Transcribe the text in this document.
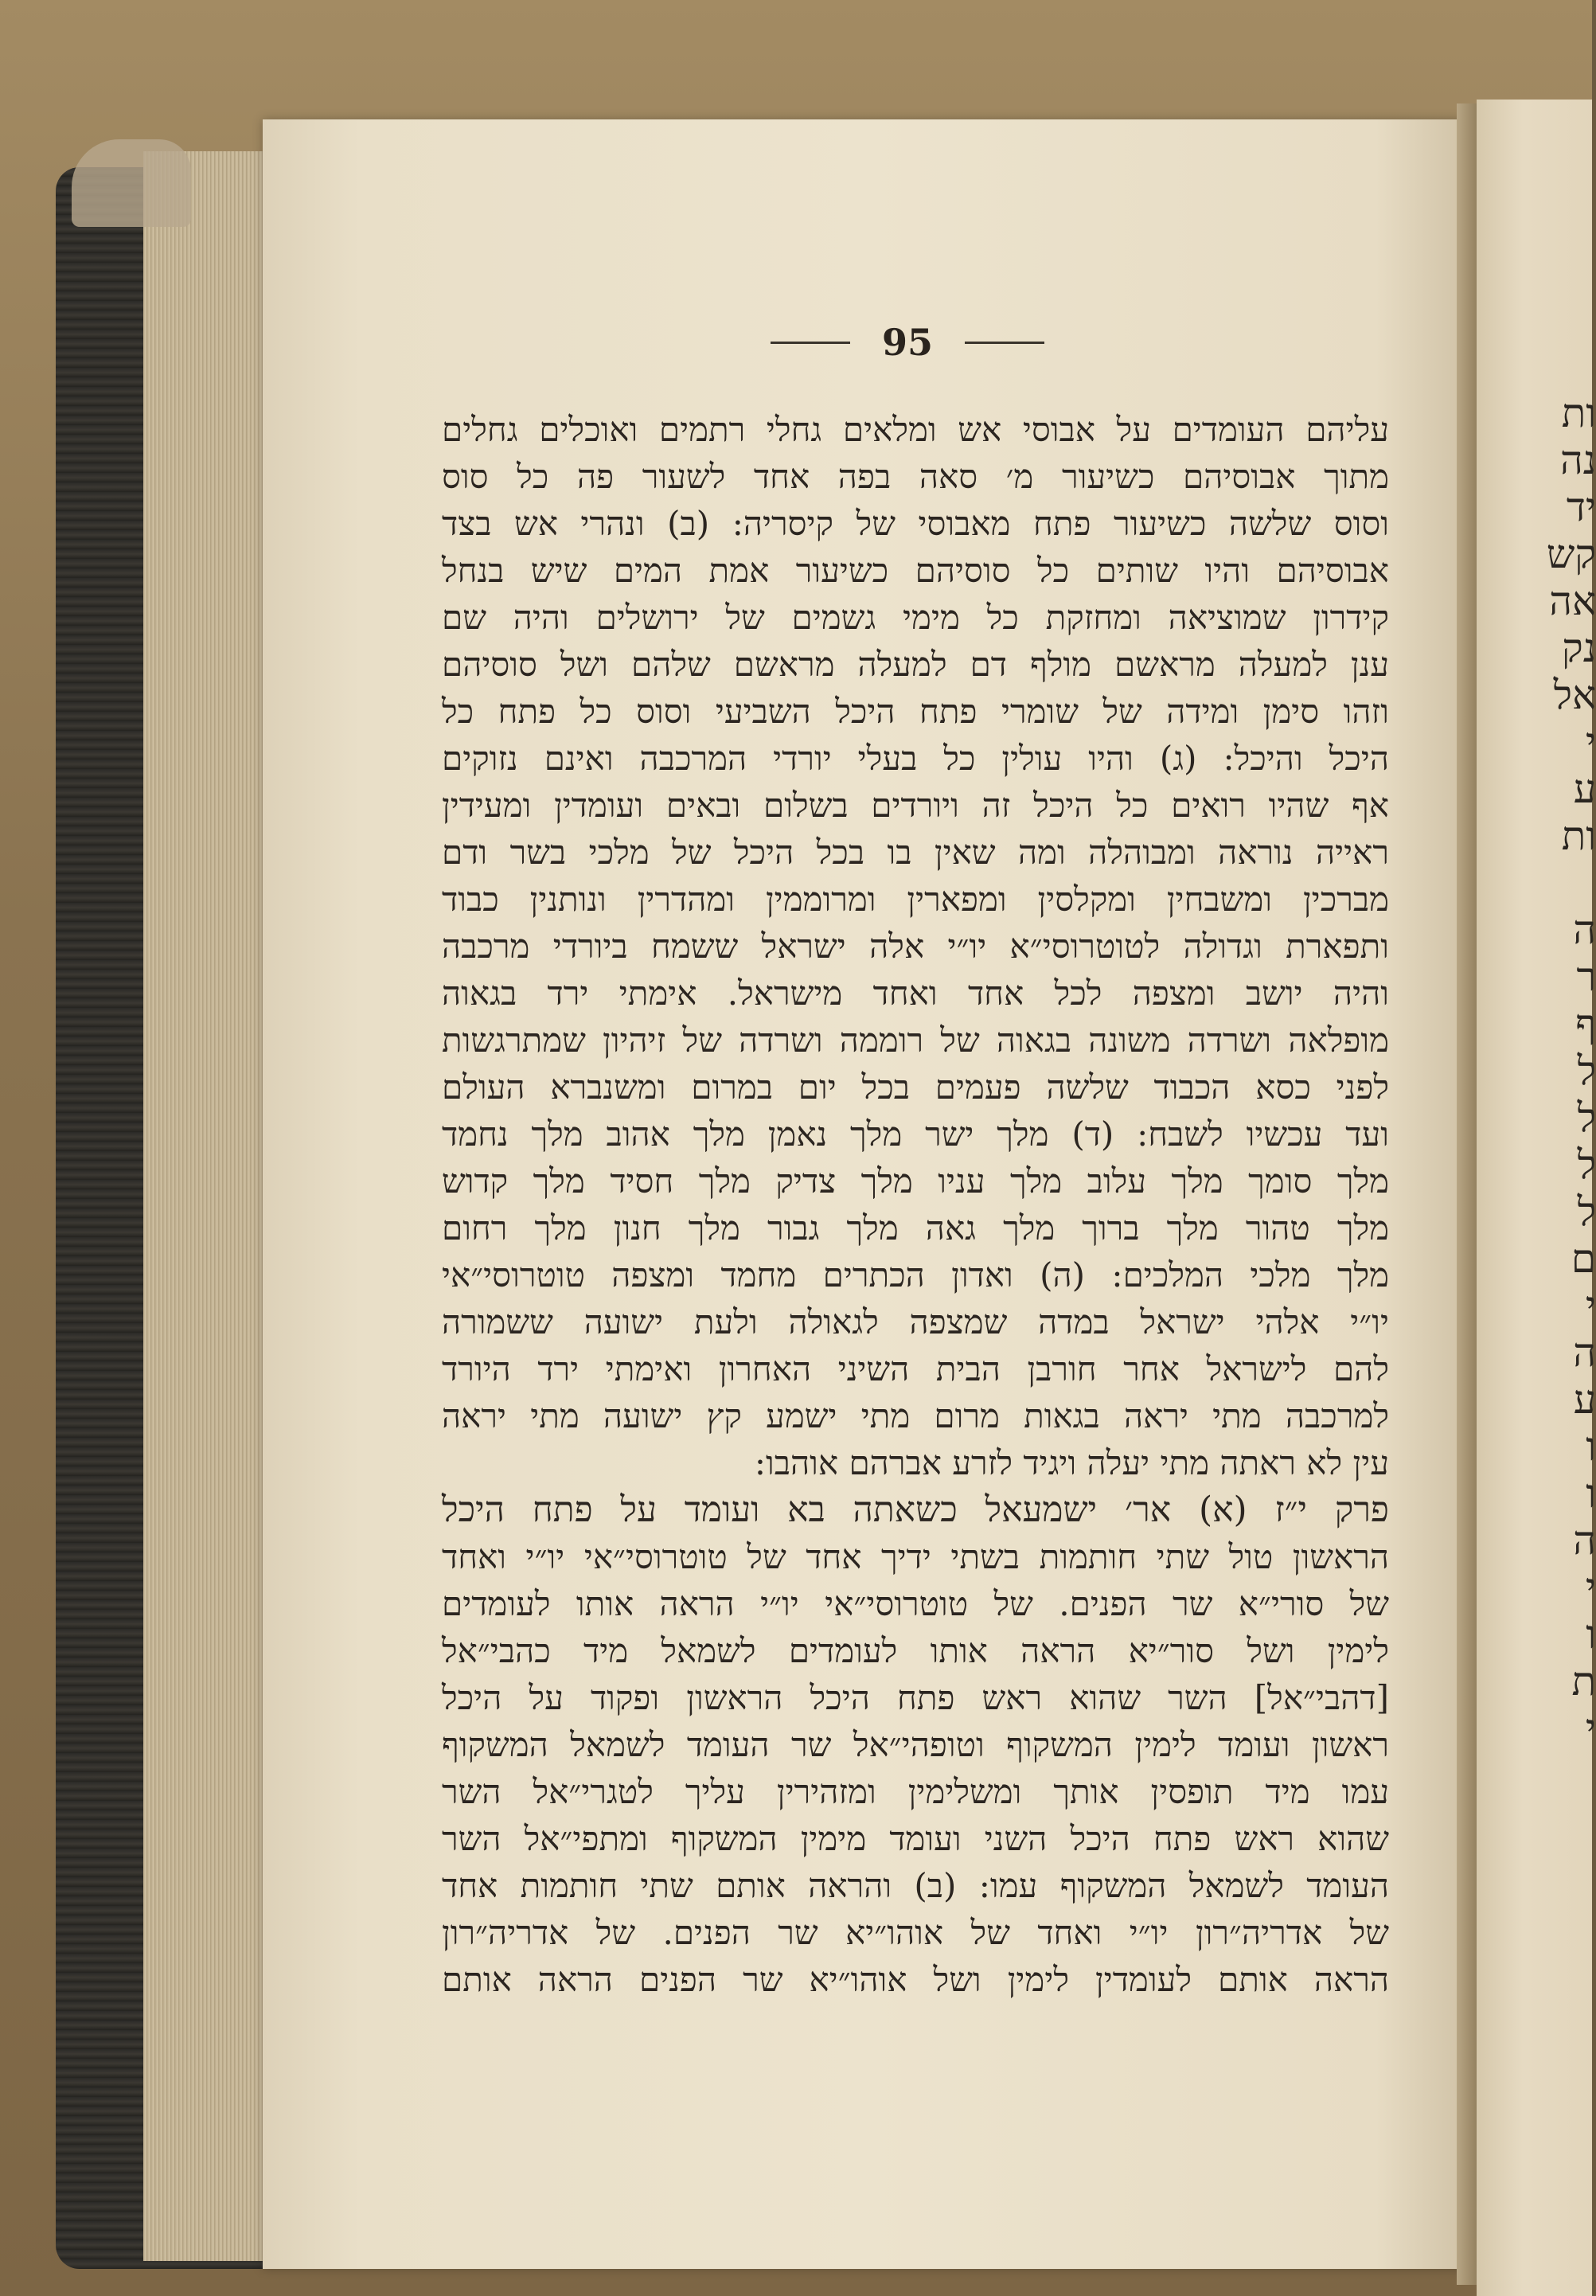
ות
נה
יד
קש
אה
נק
אל
י
ע
ות
ה
ר
ף
ל
ל
ל
ל
ם
י
ה
ע
ו
ו
ה
י
ו
ת
י
95
עליהם העומדים על אבוסי אש ומלאים גחלי רתמים ואוכלים גחלים
מתוך אבוסיהם כשיעור מ׳ סאה בפה אחד לשעור פה כל סוס
וסוס שלשה כשיעור פתח מאבוסי של קיסריה: (ב) ונהרי אש בצד
אבוסיהם והיו שותים כל סוסיהם כשיעור אמת המים שיש בנחל
קידרון שמוציאה ומחזקת כל מימי גשמים של ירושלים והיה שם
ענן למעלה מראשם מולף דם למעלה מראשם שלהם ושל סוסיהם
וזהו סימן ומידה של שומרי פתח היכל השביעי וסוס כל פתח כל
היכל והיכל: (ג) והיו עולין כל בעלי יורדי המרכבה ואינם נזוקים
אף שהיו רואים כל היכל זה ויורדים בשלום ובאים ועומדין ומעידין
ראייה נוראה ומבוהלה ומה שאין בו בכל היכל של מלכי בשר ודם
מברכין ומשבחין ומקלסין ומפארין ומרוממין ומהדרין ונותנין כבוד
ותפארת וגדולה לטוטרוסי״א יו״י אלה ישראל ששמח ביורדי מרכבה
והיה יושב ומצפה לכל אחד ואחד מישראל. אימתי ירד בגאוה
מופלאה ושרדה משונה בגאוה של רוממה ושרדה של זיהיון שמתרגשות
לפני כסא הכבוד שלשה פעמים בכל יום במרום ומשנברא העולם
ועד עכשיו לשבח: (ד) מלך ישר מלך נאמן מלך אהוב מלך נחמד
מלך סומך מלך עלוב מלך עניו מלך צדיק מלך חסיד מלך קדוש
מלך טהור מלך ברוך מלך גאה מלך גבור מלך חנון מלך רחום
מלך מלכי המלכים: (ה) ואדון הכתרים מחמד ומצפה טוטרוסי״אי
יו״י אלהי ישראל במדה שמצפה לגאולה ולעת ישועה ששמורה
להם לישראל אחר חורבן הבית השיני האחרון ואימתי ירד היורד
למרכבה מתי יראה בגאות מרום מתי ישמע קץ ישועה מתי יראה
עין לא ראתה מתי יעלה ויגיד לזרע אברהם אוהבו:
פרק י״ז (א) אר׳ ישמעאל כשאתה בא ועומד על פתח היכל
הראשון טול שתי חותמות בשתי ידיך אחד של טוטרוסי״אי יו״י ואחד
של סורי״א שר הפנים. של טוטרוסי״אי יו״י הראה אותו לעומדים
לימין ושל סור״יא הראה אותו לעומדים לשמאל מיד כהבי״אל
[דהבי״אל] השר שהוא ראש פתח היכל הראשון ופקוד על היכל
ראשון ועומד לימין המשקוף וטופהי״אל שר העומד לשמאל המשקוף
עמו מיד תופסין אותך ומשלימין ומזהירין עליך לטגרי״אל השר
שהוא ראש פתח היכל השני ועומד מימין המשקוף ומתפי״אל השר
העומד לשמאל המשקוף עמו: (ב) והראה אותם שתי חותמות אחד
של אדריה״רון יו״י ואחד של אוהו״יא שר הפנים. של אדריה״רון
הראה אותם לעומדין לימין ושל אוהו״יא שר הפנים הראה אותם
